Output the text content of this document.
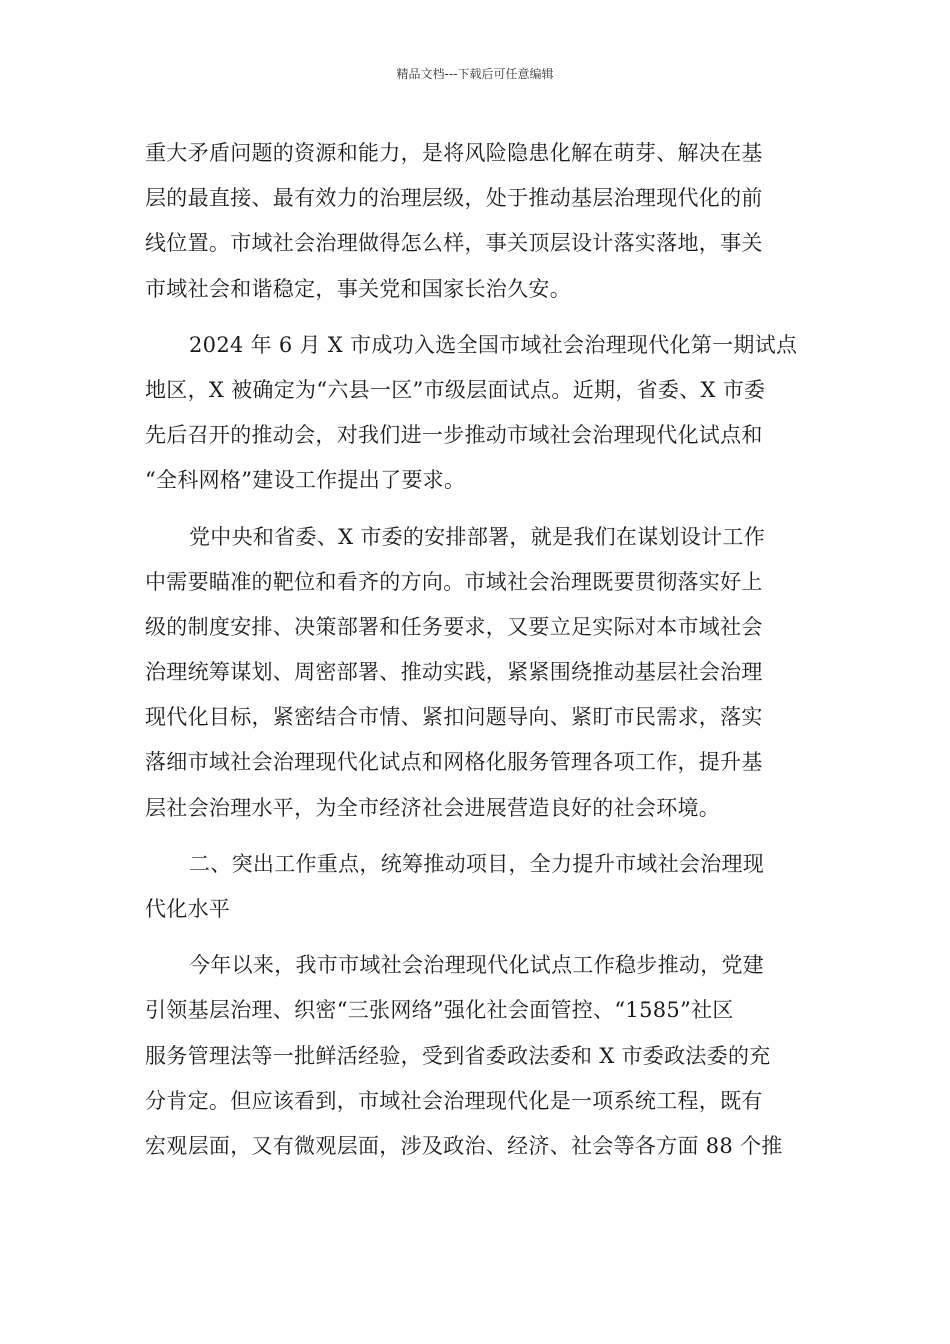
精品文档---下载后可任意编辑
重大矛盾问题的资源和能力，是将风险隐患化解在萌芽、解决在基
层的最直接、最有效力的治理层级，处于推动基层治理现代化的前
线位置。市域社会治理做得怎么样，事关顶层设计落实落地，事关
市域社会和谐稳定，事关党和国家长治久安。
2024 年 6 月 X 市成功入选全国市域社会治理现代化第一期试点
地区，X 被确定为“六县一区”市级层面试点。近期，省委、X 市委
先后召开的推动会，对我们进一步推动市域社会治理现代化试点和
“全科网格”建设工作提出了要求。
党中央和省委、X 市委的安排部署，就是我们在谋划设计工作
中需要瞄准的靶位和看齐的方向。市域社会治理既要贯彻落实好上
级的制度安排、决策部署和任务要求，又要立足实际对本市域社会
治理统筹谋划、周密部署、推动实践，紧紧围绕推动基层社会治理
现代化目标，紧密结合市情、紧扣问题导向、紧盯市民需求，落实
落细市域社会治理现代化试点和网格化服务管理各项工作，提升基
层社会治理水平，为全市经济社会进展营造良好的社会环境。
二、突出工作重点，统筹推动项目，全力提升市域社会治理现
代化水平
今年以来，我市市域社会治理现代化试点工作稳步推动，党建
引领基层治理、织密“三张网络”强化社会面管控、“1585”社区
服务管理法等一批鲜活经验，受到省委政法委和 X 市委政法委的充
分肯定。但应该看到，市域社会治理现代化是一项系统工程，既有
宏观层面，又有微观层面，涉及政治、经济、社会等各方面 88 个推
